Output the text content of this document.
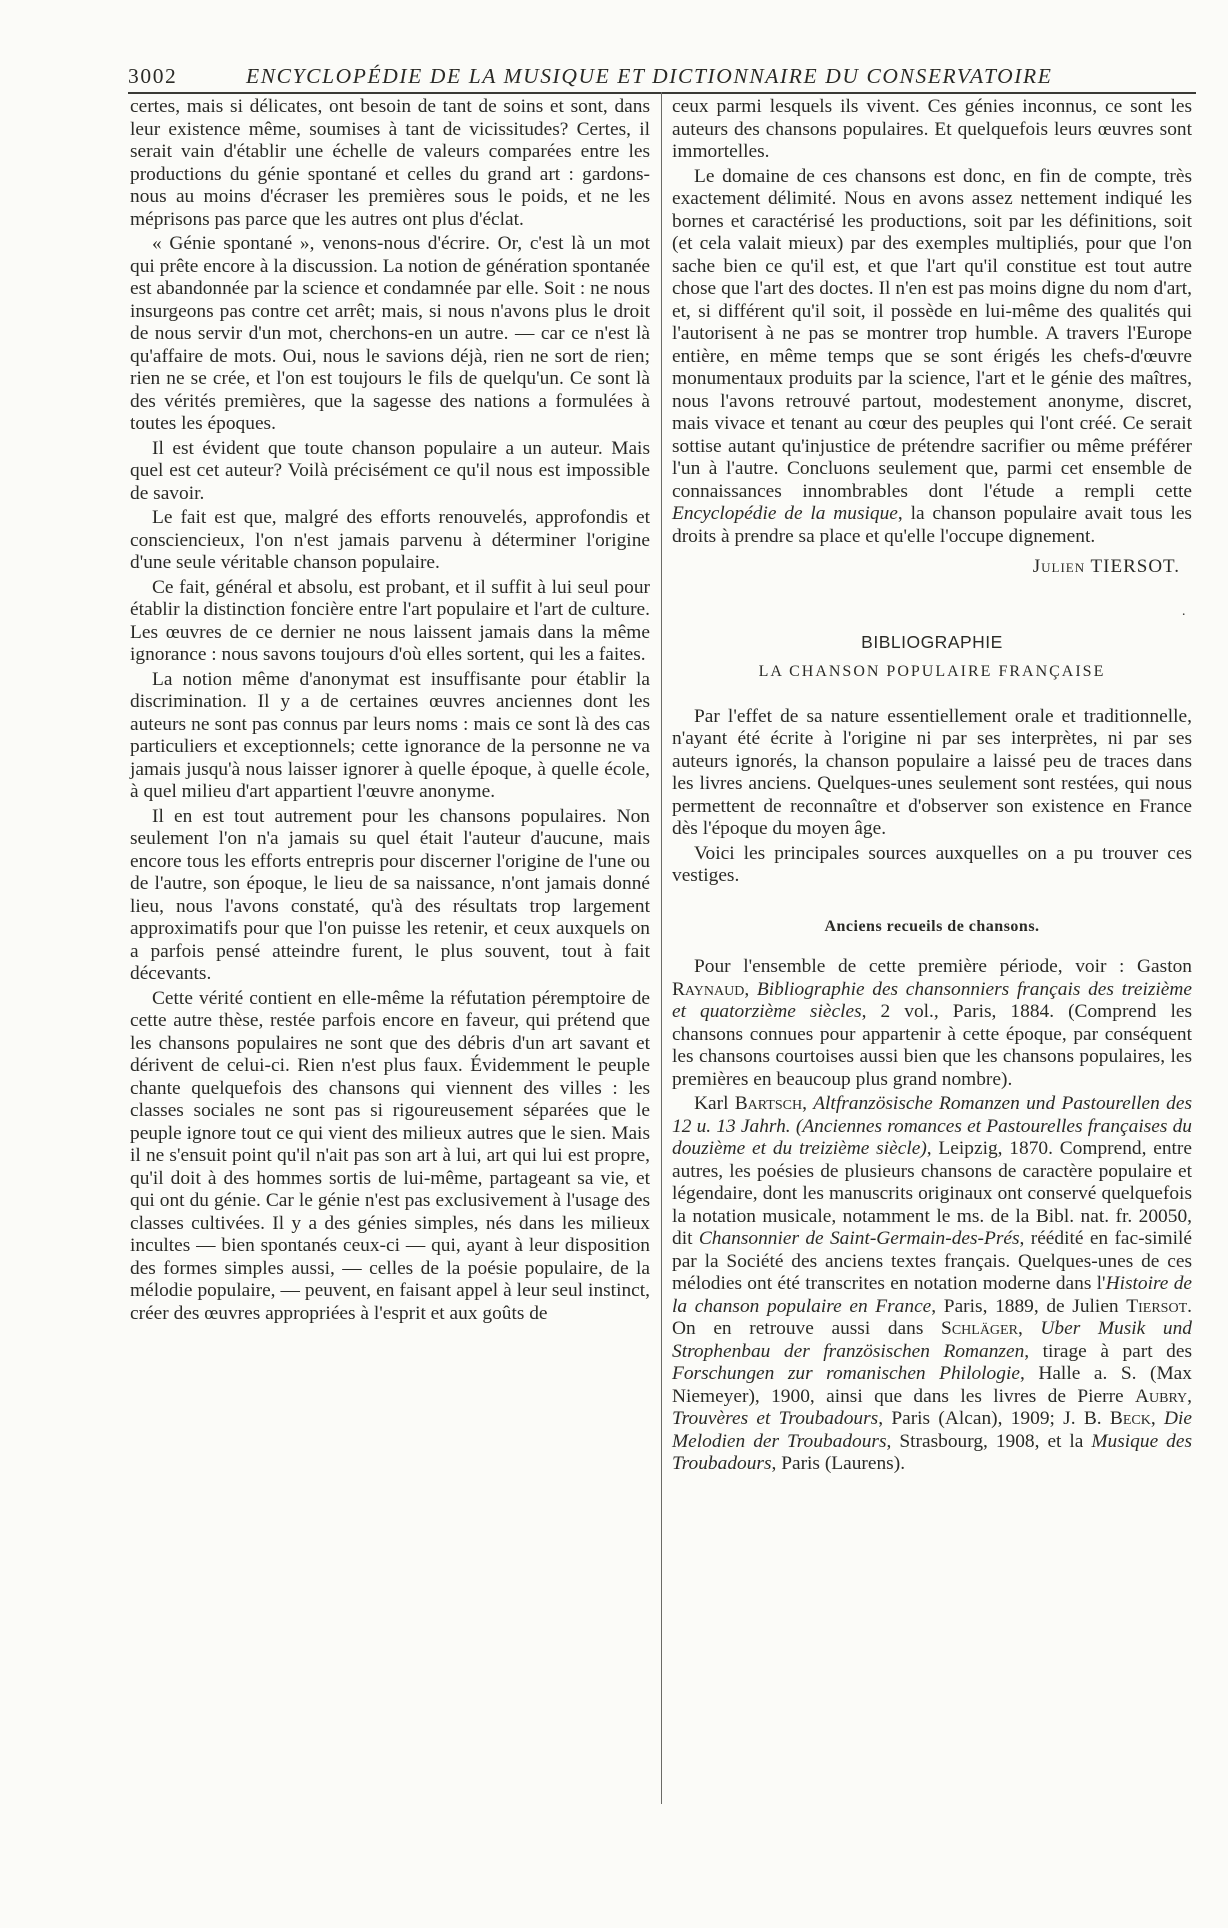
3002	ENCYCLOPÉDIE DE LA MUSIQUE ET DICTIONNAIRE DU CONSERVATOIRE

certes, mais si délicates, ont besoin de tant de soins et sont, dans leur existence même, soumises à tant de vicissitudes? Certes, il serait vain d'établir une échelle de valeurs comparées entre les productions du génie spontané et celles du grand art : gardons-nous au moins d'écraser les premières sous le poids, et ne les méprisons pas parce que les autres ont plus d'éclat.

« Génie spontané », venons-nous d'écrire. Or, c'est là un mot qui prête encore à la discussion. La notion de génération spontanée est abandonnée par la science et condamnée par elle. Soit : ne nous insurgeons pas contre cet arrêt; mais, si nous n'avons plus le droit de nous servir d'un mot, cherchons-en un autre. — car ce n'est là qu'affaire de mots. Oui, nous le savions déjà, rien ne sort de rien; rien ne se crée, et l'on est toujours le fils de quelqu'un. Ce sont là des vérités premières, que la sagesse des nations a formulées à toutes les époques.

Il est évident que toute chanson populaire a un auteur. Mais quel est cet auteur? Voilà précisément ce qu'il nous est impossible de savoir.

Le fait est que, malgré des efforts renouvelés, approfondis et consciencieux, l'on n'est jamais parvenu à déterminer l'origine d'une seule véritable chanson populaire.

Ce fait, général et absolu, est probant, et il suffit à lui seul pour établir la distinction foncière entre l'art populaire et l'art de culture. Les œuvres de ce dernier ne nous laissent jamais dans la même ignorance : nous savons toujours d'où elles sortent, qui les a faites.

La notion même d'anonymat est insuffisante pour établir la discrimination. Il y a de certaines œuvres anciennes dont les auteurs ne sont pas connus par leurs noms : mais ce sont là des cas particuliers et exceptionnels; cette ignorance de la personne ne va jamais jusqu'à nous laisser ignorer à quelle époque, à quelle école, à quel milieu d'art appartient l'œuvre anonyme.

Il en est tout autrement pour les chansons populaires. Non seulement l'on n'a jamais su quel était l'auteur d'aucune, mais encore tous les efforts entrepris pour discerner l'origine de l'une ou de l'autre, son époque, le lieu de sa naissance, n'ont jamais donné lieu, nous l'avons constaté, qu'à des résultats trop largement approximatifs pour que l'on puisse les retenir, et ceux auxquels on a parfois pensé atteindre furent, le plus souvent, tout à fait décevants.

Cette vérité contient en elle-même la réfutation péremptoire de cette autre thèse, restée parfois encore en faveur, qui prétend que les chansons populaires ne sont que des débris d'un art savant et dérivent de celui-ci. Rien n'est plus faux. Évidemment le peuple chante quelquefois des chansons qui viennent des villes : les classes sociales ne sont pas si rigoureusement séparées que le peuple ignore tout ce qui vient des milieux autres que le sien. Mais il ne s'ensuit point qu'il n'ait pas son art à lui, art qui lui est propre, qu'il doit à des hommes sortis de lui-même, partageant sa vie, et qui ont du génie. Car le génie n'est pas exclusivement à l'usage des classes cultivées. Il y a des génies simples, nés dans les milieux incultes — bien spontanés ceux-ci — qui, ayant à leur disposition des formes simples aussi, — celles de la poésie populaire, de la mélodie populaire, — peuvent, en faisant appel à leur seul instinct, créer des œuvres appropriées à l'esprit et aux goûts de

ceux parmi lesquels ils vivent. Ces génies inconnus, ce sont les auteurs des chansons populaires. Et quelquefois leurs œuvres sont immortelles.

Le domaine de ces chansons est donc, en fin de compte, très exactement délimité. Nous en avons assez nettement indiqué les bornes et caractérisé les productions, soit par les définitions, soit (et cela valait mieux) par des exemples multipliés, pour que l'on sache bien ce qu'il est, et que l'art qu'il constitue est tout autre chose que l'art des doctes. Il n'en est pas moins digne du nom d'art, et, si différent qu'il soit, il possède en lui-même des qualités qui l'autorisent à ne pas se montrer trop humble. A travers l'Europe entière, en même temps que se sont érigés les chefs-d'œuvre monumentaux produits par la science, l'art et le génie des maîtres, nous l'avons retrouvé partout, modestement anonyme, discret, mais vivace et tenant au cœur des peuples qui l'ont créé. Ce serait sottise autant qu'injustice de prétendre sacrifier ou même préférer l'un à l'autre. Concluons seulement que, parmi cet ensemble de connaissances innombrables dont l'étude a rempli cette Encyclopédie de la musique, la chanson populaire avait tous les droits à prendre sa place et qu'elle l'occupe dignement.

Julien TIERSOT.
·
BIBLIOGRAPHIE
LA CHANSON POPULAIRE FRANÇAISE

Par l'effet de sa nature essentiellement orale et traditionnelle, n'ayant été écrite à l'origine ni par ses interprètes, ni par ses auteurs ignorés, la chanson populaire a laissé peu de traces dans les livres anciens. Quelques-unes seulement sont restées, qui nous permettent de reconnaître et d'observer son existence en France dès l'époque du moyen âge.

Voici les principales sources auxquelles on a pu trouver ces vestiges.

Anciens recueils de chansons.

Pour l'ensemble de cette première période, voir : Gaston Raynaud, Bibliographie des chansonniers français des treizième et quatorzième siècles, 2 vol., Paris, 1884. (Comprend les chansons connues pour appartenir à cette époque, par conséquent les chansons courtoises aussi bien que les chansons populaires, les premières en beaucoup plus grand nombre).

Karl Bartsch, Altfranzösische Romanzen und Pastourellen des 12 u. 13 Jahrh. (Anciennes romances et Pastourelles françaises du douzième et du treizième siècle), Leipzig, 1870. Comprend, entre autres, les poésies de plusieurs chansons de caractère populaire et légendaire, dont les manuscrits originaux ont conservé quelquefois la notation musicale, notamment le ms. de la Bibl. nat. fr. 20050, dit Chansonnier de Saint-Germain-des-Prés, réédité en fac-similé par la Société des anciens textes français. Quelques-unes de ces mélodies ont été transcrites en notation moderne dans l'Histoire de la chanson populaire en France, Paris, 1889, de Julien Tiersot. On en retrouve aussi dans Schläger, Uber Musik und Strophenbau der französischen Romanzen, tirage à part des Forschungen zur romanischen Philologie, Halle a. S. (Max Niemeyer), 1900, ainsi que dans les livres de Pierre Aubry, Trouvères et Troubadours, Paris (Alcan), 1909; J. B. Beck, Die Melodien der Troubadours, Strasbourg, 1908, et la Musique des Troubadours, Paris (Laurens).
